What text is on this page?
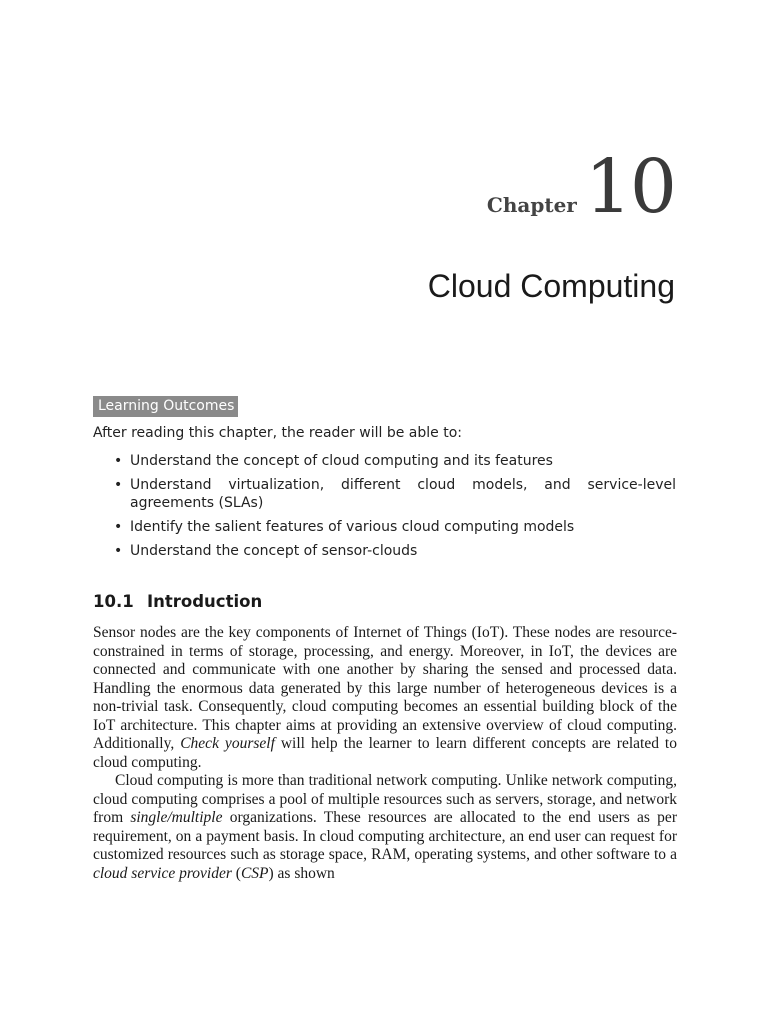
Chapter 10
Cloud Computing
Learning Outcomes
After reading this chapter, the reader will be able to:
• Understand the concept of cloud computing and its features
• Understand virtualization, different cloud models, and service-level agreements (SLAs)
• Identify the salient features of various cloud computing models
• Understand the concept of sensor-clouds
10.1 Introduction

Sensor nodes are the key components of Internet of Things (IoT). These nodes are resource-constrained in terms of storage, processing, and energy. Moreover, in IoT, the devices are connected and communicate with one another by sharing the sensed and processed data. Handling the enormous data generated by this large number of heterogeneous devices is a non-trivial task. Consequently, cloud computing becomes an essential building block of the IoT architecture. This chapter aims at providing an extensive overview of cloud computing. Additionally, Check yourself will help the learner to learn different concepts are related to cloud computing.

Cloud computing is more than traditional network computing. Unlike network computing, cloud computing comprises a pool of multiple resources such as servers, storage, and network from single/multiple organizations. These resources are allocated to the end users as per requirement, on a payment basis. In cloud computing architecture, an end user can request for customized resources such as storage space, RAM, operating systems, and other software to a cloud service provider (CSP) as shown
